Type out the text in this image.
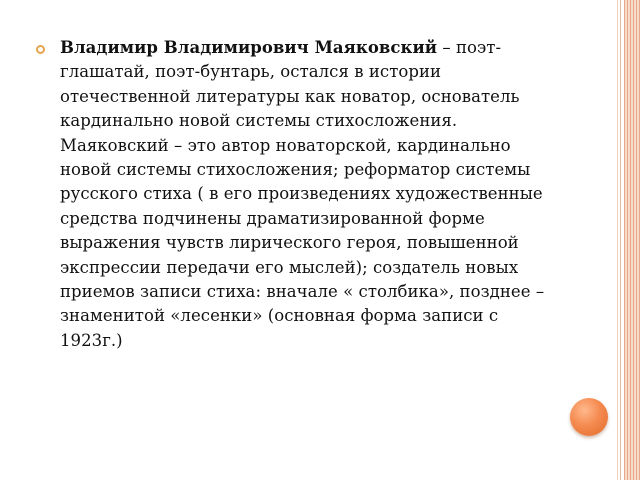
Владимир Владимирович Маяковский – поэт-глашатай, поэт-бунтарь, остался в истории отечественной литературы как новатор, основатель кардинально новой системы стихосложения. Маяковский – это автор новаторской, кардинально новой системы стихосложения; реформатор системы русского стиха ( в его произведениях художественные средства подчинены драматизированной форме выражения чувств лирического героя, повышенной экспрессии передачи его мыслей); создатель новых приемов записи стиха: вначале « столбика», позднее –знаменитой «лесенки» (основная форма записи с 1923г.)
